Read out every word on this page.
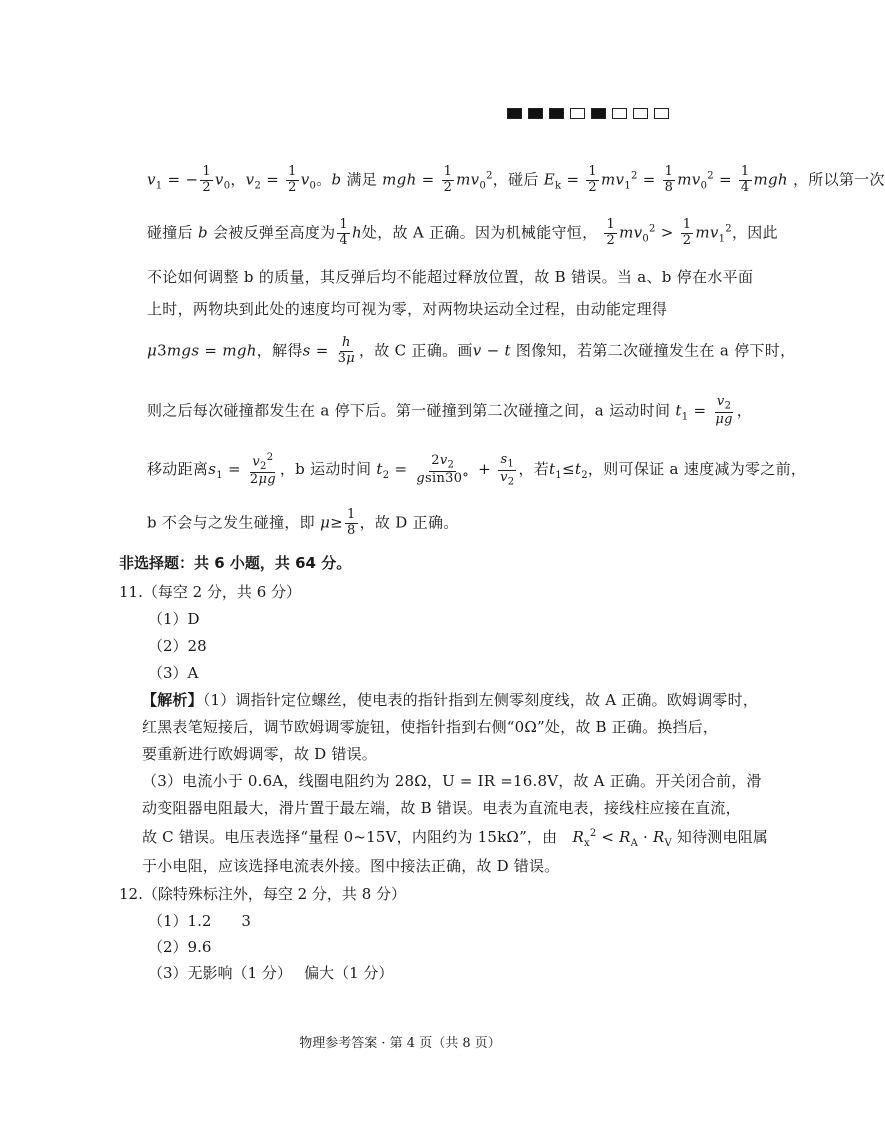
$v_1$ = − $\frac{1}{2} v_0$，$v_2 = \frac{1}{2} v_0$。b 满足 mgh = $\frac{1}{2} mv_0^2$，碰后 $E_k = \frac{1}{2} mv_1^2 = \frac{1}{8} mv_0^2 = \frac{1}{4}$ mgh ，所以第一次
碰撞后 b 会被反弹至高度为 $\frac{1}{4}$ h处，故 A 正确。因为机械能守恒， $\frac{1}{2} mv_0^2 > \frac{1}{2} mv_1^2$，因此
不论如何调整 b 的质量，其反弹后均不能超过释放位置，故 B 错误。当 a、b 停在水平面
上时，两物块到此处的速度均可视为零，对两物块运动全过程，由动能定理得
μ3mgs = mgh，解得$s = \frac{h}{3\mu}$ ，故 C 正确。画v − t 图像知，若第二次碰撞发生在 a 停下时，
则之后每次碰撞都发生在 a 停下后。第一碰撞到第二次碰撞之间，a 运动时间 $t_1 = \frac{v_2}{\mu g}$ ，
移动距离$s_1 = \frac{v_2^2}{2\mu g}$ ，b 运动时间 $t_2 = \frac{2v_2}{gsin30^\circ} + \frac{s_1}{v_2}$ ，若$t_1\le t_2$，则可保证 a 速度减为零之前，
b 不会与之发生碰撞，即 $\mu\ge \frac{1}{8}$ ，故 D 正确。
非选择题：共 6 小题，共 64 分。
11.（每空 2 分，共 6 分）
（1）D
（2）28
（3）A
【解析】（1）调指针定位螺丝，使电表的指针指到左侧零刻度线，故 A 正确。欧姆调零时，
红黑表笔短接后，调节欧姆调零旋钮，使指针指到右侧“0Ω”处，故 B 正确。换挡后，
要重新进行欧姆调零，故 D 错误。
（3）电流小于 0.6A，线圈电阻约为 28Ω，U = IR =16.8V，故 A 正确。开关闭合前，滑
动变阻器电阻最大，滑片置于最左端，故 B 错误。电表为直流电表，接线柱应接在直流，
故 C 错误。电压表选择“量程 0~15V，内阻约为 15kΩ”，由　 $R_x^2 < R_A \cdot R_V$ 知待测电阻属
于小电阻，应该选择电流表外接。图中接法正确，故 D 错误。
12.（除特殊标注外，每空 2 分，共 8 分）
（1）1.2　　3
（2）9.6
（3）无影响（1 分）　 偏大（1 分）
物理参考答案 · 第 4 页（共 8 页）
